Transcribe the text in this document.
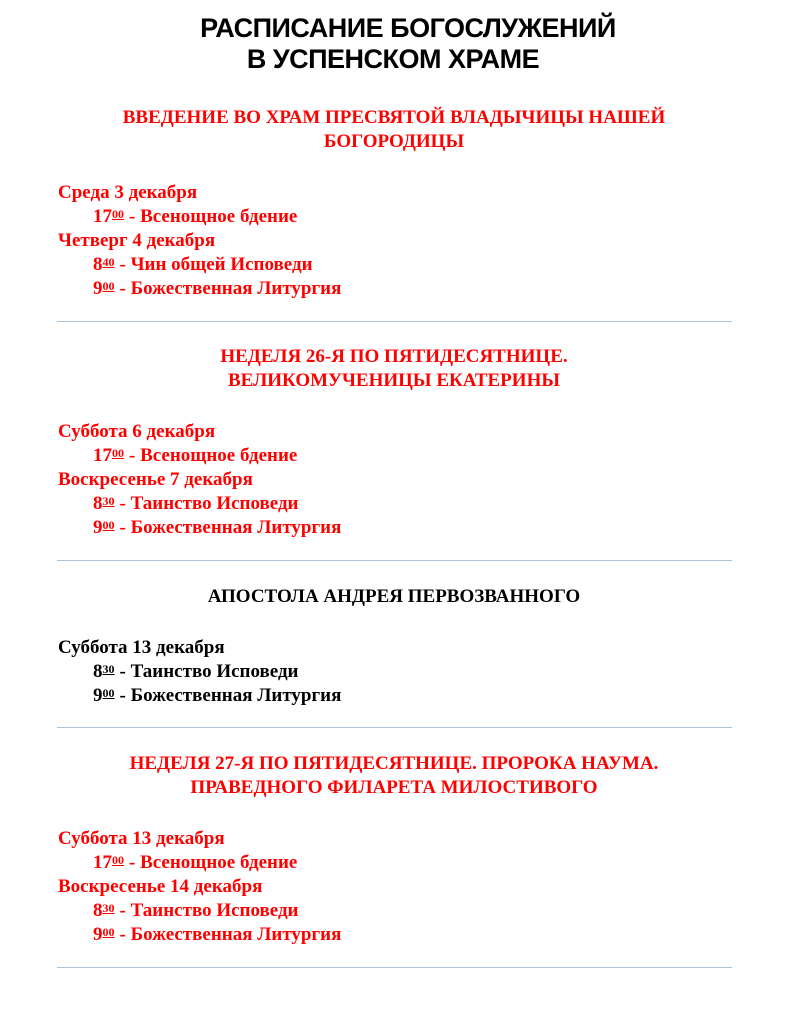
РАСПИСАНИЕ БОГОСЛУЖЕНИЙ
В УСПЕНСКОМ ХРАМЕ
ВВЕДЕНИЕ ВО ХРАМ ПРЕСВЯТОЙ ВЛАДЫЧИЦЫ НАШЕЙ
БОГОРОДИЦЫ
Среда 3 декабря
$17^{00}$ - Всенощное бдение
Четверг 4 декабря
$8^{40}$ - Чин общей Исповеди
$9^{00}$ - Божественная Литургия
НЕДЕЛЯ 26-Я ПО ПЯТИДЕСЯТНИЦЕ.
ВЕЛИКОМУЧЕНИЦЫ ЕКАТЕРИНЫ
Суббота 6 декабря
$17^{00}$ - Всенощное бдение
Воскресенье 7 декабря
$8^{30}$ - Таинство Исповеди
$9^{00}$ - Божественная Литургия
АПОСТОЛА АНДРЕЯ ПЕРВОЗВАННОГО
Суббота 13 декабря
$8^{30}$ - Таинство Исповеди
$9^{00}$ - Божественная Литургия
НЕДЕЛЯ 27-Я ПО ПЯТИДЕСЯТНИЦЕ. ПРОРОКА НАУМА.
ПРАВЕДНОГО ФИЛАРЕТА МИЛОСТИВОГО
Суббота 13 декабря
$17^{00}$ - Всенощное бдение
Воскресенье 14 декабря
$8^{30}$ - Таинство Исповеди
$9^{00}$ - Божественная Литургия
